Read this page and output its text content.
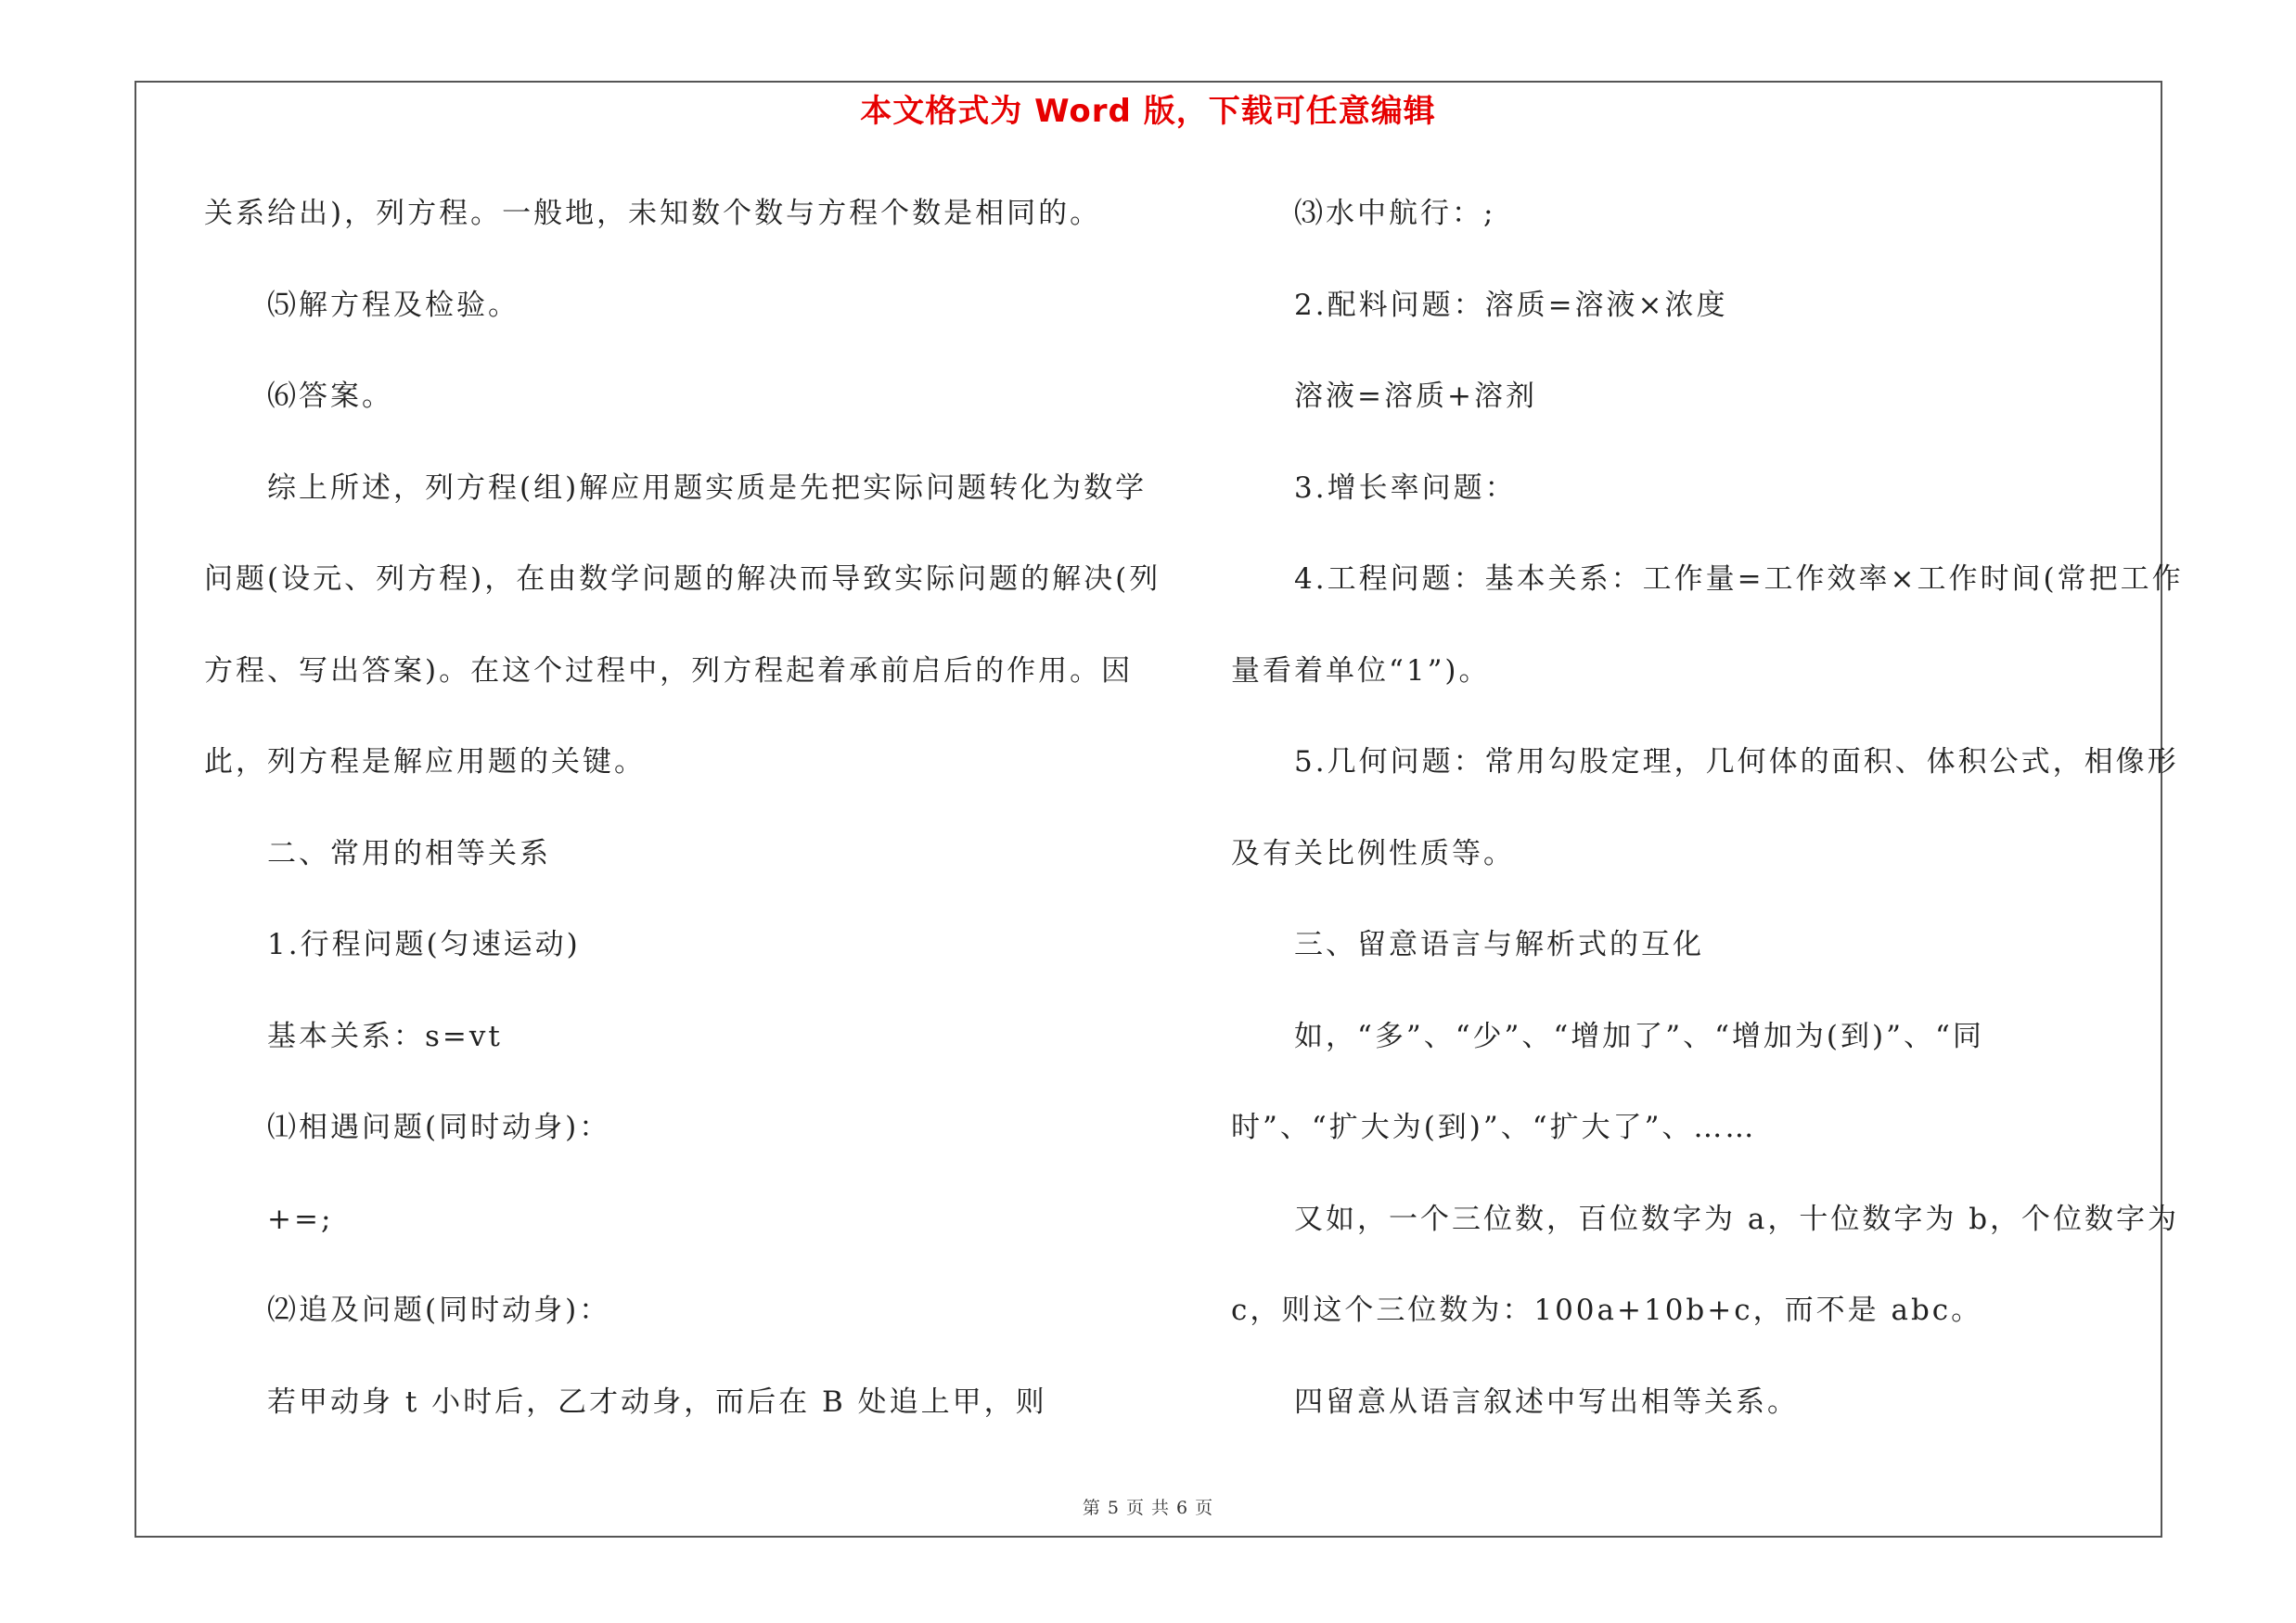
本文格式为 Word 版，下载可任意编辑
关系给出)，列方程。一般地，未知数个数与方程个数是相同的。
⑸解方程及检验。
⑹答案。
综上所述，列方程(组)解应用题实质是先把实际问题转化为数学
问题(设元、列方程)，在由数学问题的解决而导致实际问题的解决(列
方程、写出答案)。在这个过程中，列方程起着承前启后的作用。因
此，列方程是解应用题的关键。
二、常用的相等关系
1.行程问题(匀速运动)
基本关系：s=vt
⑴相遇问题(同时动身)：
+=;
⑵追及问题(同时动身)：
若甲动身 t 小时后，乙才动身，而后在 B 处追上甲，则
⑶水中航行：;
2.配料问题：溶质=溶液×浓度
溶液=溶质+溶剂
3.增长率问题：
4.工程问题：基本关系：工作量=工作效率×工作时间(常把工作
量看着单位“1”)。
5.几何问题：常用勾股定理，几何体的面积、体积公式，相像形
及有关比例性质等。
三、留意语言与解析式的互化
如，“多”、“少”、“增加了”、“增加为(到)”、“同
时”、“扩大为(到)”、“扩大了”、……
又如，一个三位数，百位数字为 a，十位数字为 b，个位数字为
c，则这个三位数为：100a+10b+c，而不是 abc。
四留意从语言叙述中写出相等关系。
第 5 页 共 6 页
